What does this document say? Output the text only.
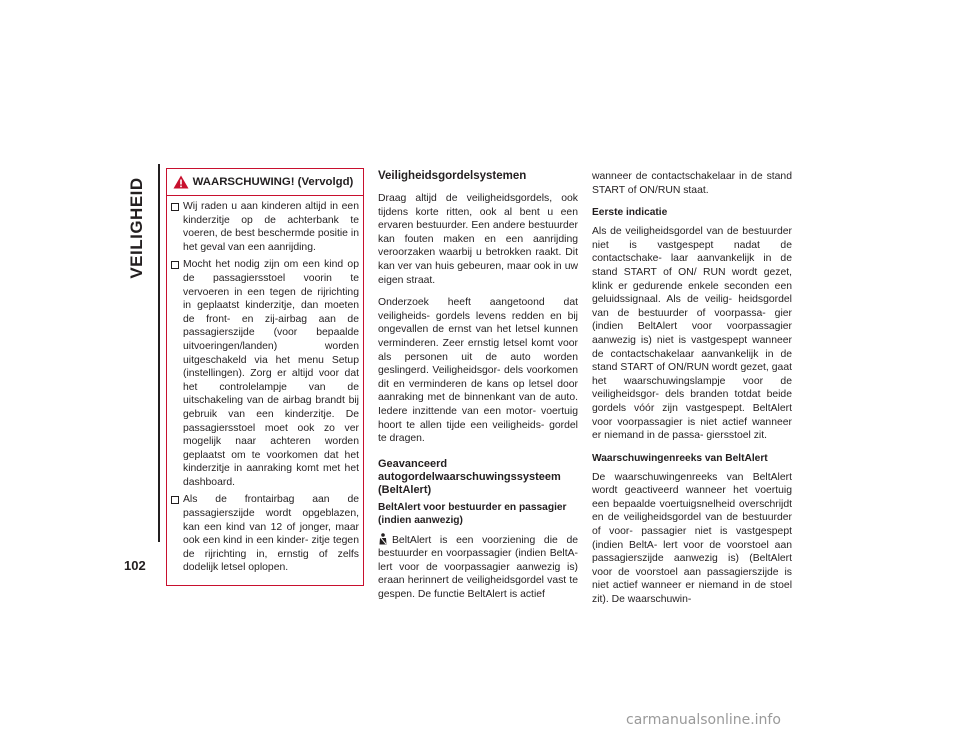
VEILIGHEID
102
WAARSCHUWING! (Vervolgd)
Wij raden u aan kinderen altijd in een kinderzitje op de achterbank te voeren, de best beschermde positie in het geval van een aanrijding.
Mocht het nodig zijn om een kind op de passagiersstoel voorin te vervoeren in een tegen de rijrichting in geplaatst kinderzitje, dan moeten de front- en zij-airbag aan de passagierszijde (voor bepaalde uitvoeringen/landen) worden uitgeschakeld via het menu Setup (instellingen). Zorg er altijd voor dat het controlelampje van de uitschakeling van de airbag brandt bij gebruik van een kinderzitje. De passagiersstoel moet ook zo ver mogelijk naar achteren worden geplaatst om te voorkomen dat het kinderzitje in aanraking komt met het dashboard.
Als de frontairbag aan de passagierszijde wordt opgeblazen, kan een kind van 12 of jonger, maar ook een kind in een kinder- zitje tegen de rijrichting in, ernstig of zelfs dodelijk letsel oplopen.
Veiligheidsgordelsystemen

Draag altijd de veiligheidsgordels, ook tijdens korte ritten, ook al bent u een ervaren bestuurder. Een andere bestuurder kan fouten maken en een aanrijding veroorzaken waarbij u betrokken raakt. Dit kan ver van huis gebeuren, maar ook in uw eigen straat.

Onderzoek heeft aangetoond dat veiligheids- gordels levens redden en bij ongevallen de ernst van het letsel kunnen verminderen. Zeer ernstig letsel komt voor als personen uit de auto worden geslingerd. Veiligheidsgor- dels voorkomen dit en verminderen de kans op letsel door aanraking met de binnenkant van de auto. Iedere inzittende van een motor- voertuig hoort te allen tijde een veiligheids- gordel te dragen.

Geavanceerd
autogordelwaarschuwingssysteem
(BeltAlert)
BeltAlert voor bestuurder en passagier (indien aanwezig)

BeltAlert is een voorziening die de bestuurder en voorpassagier (indien BeltA- lert voor de voorpassagier aanwezig is) eraan herinnert de veiligheidsgordel vast te gespen. De functie BeltAlert is actief

wanneer de contactschakelaar in de stand START of ON/RUN staat.

Eerste indicatie

Als de veiligheidsgordel van de bestuurder niet is vastgespept nadat de contactschake- laar aanvankelijk in de stand START of ON/ RUN wordt gezet, klink er gedurende enkele seconden een geluidssignaal. Als de veilig- heidsgordel van de bestuurder of voorpassa- gier (indien BeltAlert voor voorpassagier aanwezig is) niet is vastgespept wanneer de contactschakelaar aanvankelijk in de stand START of ON/RUN wordt gezet, gaat het waarschuwingslampje voor de veiligheidsgor- dels branden totdat beide gordels vóór zijn vastgespept. BeltAlert voor voorpassagier is niet actief wanneer er niemand in de passa- giersstoel zit.

Waarschuwingenreeks van BeltAlert

De waarschuwingenreeks van BeltAlert wordt geactiveerd wanneer het voertuig een bepaalde voertuigsnelheid overschrijdt en de veiligheidsgordel van de bestuurder of voor- passagier niet is vastgespept (indien BeltA- lert voor de voorstoel aan passagierszijde aanwezig is) (BeltAlert voor de voorstoel aan passagierszijde is niet actief wanneer er niemand in de stoel zit). De waarschuwin-

carmanualsonline.info
